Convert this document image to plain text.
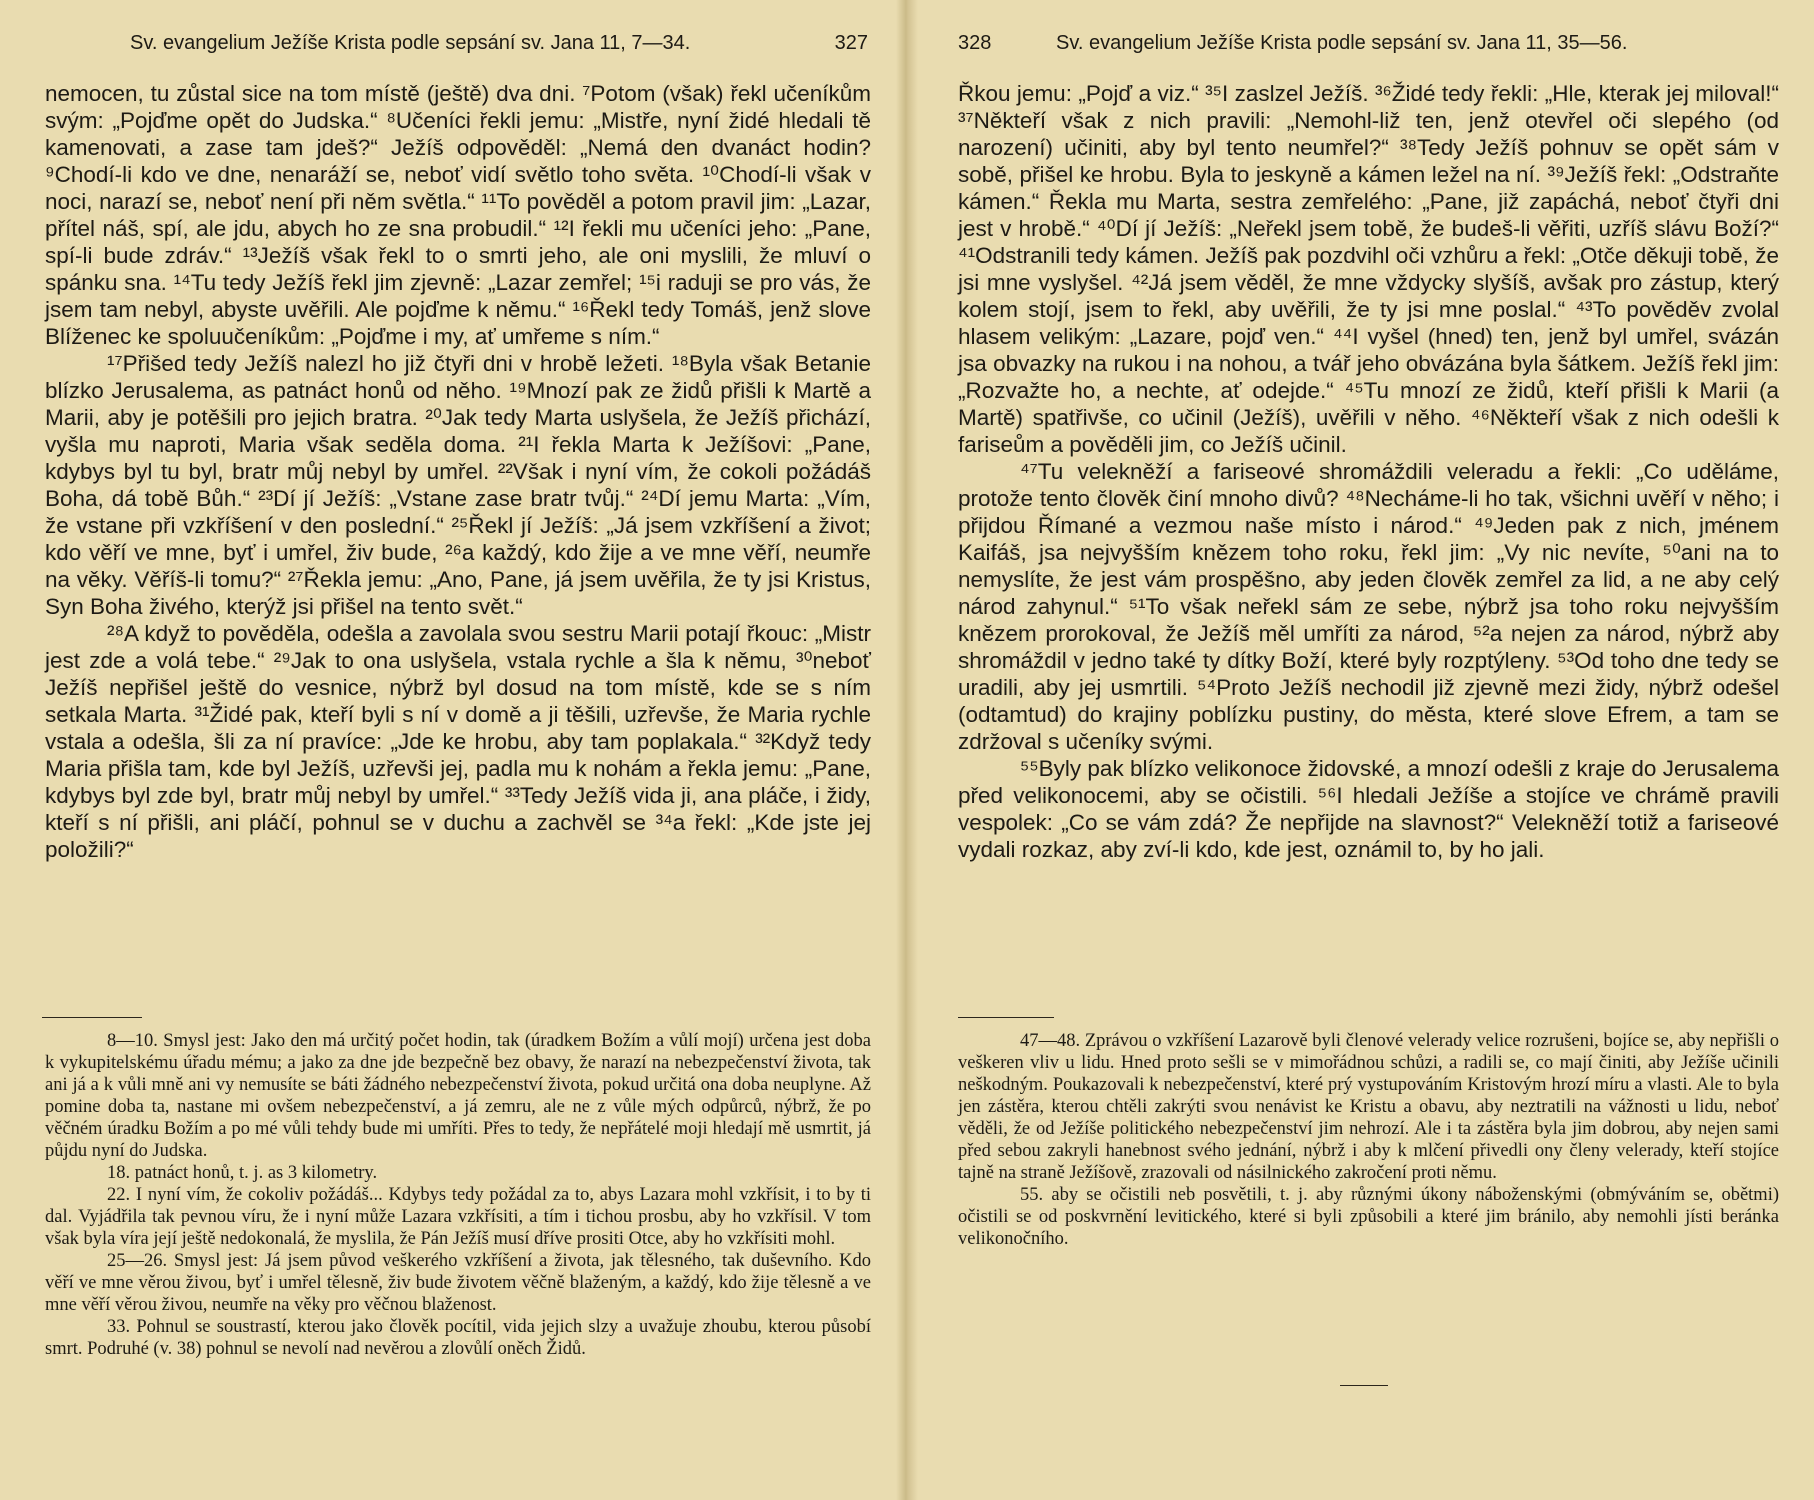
Sv. evangelium Ježíše Krista podle sepsání sv. Jana 11, 7—34.	327

nemocen, tu zůstal sice na tom místě (ještě) dva dni. ⁷Potom (však) řekl učeníkům svým: „Pojďme opět do Judska.“ ⁸Učeníci řekli jemu: „Mistře, nyní židé hledali tě kamenovati, a zase tam jdeš?“ Ježíš odpověděl: „Nemá den dvanáct hodin? ⁹Chodí-li kdo ve dne, nenaráží se, neboť vidí světlo toho světa. ¹⁰Chodí-li však v noci, narazí se, neboť není při něm světla.“ ¹¹To pověděl a potom pravil jim: „Lazar, přítel náš, spí, ale jdu, abych ho ze sna probudil.“ ¹²I řekli mu učeníci jeho: „Pane, spí-li bude zdráv.“ ¹³Ježíš však řekl to o smrti jeho, ale oni myslili, že mluví o spánku sna. ¹⁴Tu tedy Ježíš řekl jim zjevně: „Lazar zemřel; ¹⁵i raduji se pro vás, že jsem tam nebyl, abyste uvěřili. Ale pojďme k němu.“ ¹⁶Řekl tedy Tomáš, jenž slove Blíženec ke spoluučeníkům: „Pojďme i my, ať umřeme s ním.“

¹⁷Přišed tedy Ježíš nalezl ho již čtyři dni v hrobě ležeti. ¹⁸Byla však Betanie blízko Jerusalema, as patnáct honů od něho. ¹⁹Mnozí pak ze židů přišli k Martě a Marii, aby je potěšili pro jejich bratra. ²⁰Jak tedy Marta uslyšela, že Ježíš přichází, vyšla mu naproti, Maria však seděla doma. ²¹I řekla Marta k Ježíšovi: „Pane, kdybys byl tu byl, bratr můj nebyl by umřel. ²²Však i nyní vím, že cokoli požádáš Boha, dá tobě Bůh.“ ²³Dí jí Ježíš: „Vstane zase bratr tvůj.“ ²⁴Dí jemu Marta: „Vím, že vstane při vzkříšení v den poslední.“ ²⁵Řekl jí Ježíš: „Já jsem vzkříšení a život; kdo věří ve mne, byť i umřel, živ bude, ²⁶a každý, kdo žije a ve mne věří, neumře na věky. Věříš-li tomu?“ ²⁷Řekla jemu: „Ano, Pane, já jsem uvěřila, že ty jsi Kristus, Syn Boha živého, kterýž jsi přišel na tento svět.“

²⁸A když to pověděla, odešla a zavolala svou sestru Marii potají řkouc: „Mistr jest zde a volá tebe.“ ²⁹Jak to ona uslyšela, vstala rychle a šla k němu, ³⁰neboť Ježíš nepřišel ještě do vesnice, nýbrž byl dosud na tom místě, kde se s ním setkala Marta. ³¹Židé pak, kteří byli s ní v domě a ji těšili, uzřevše, že Maria rychle vstala a odešla, šli za ní pravíce: „Jde ke hrobu, aby tam poplakala.“ ³²Když tedy Maria přišla tam, kde byl Ježíš, uzřevši jej, padla mu k nohám a řekla jemu: „Pane, kdybys byl zde byl, bratr můj nebyl by umřel.“ ³³Tedy Ježíš vida ji, ana pláče, i židy, kteří s ní přišli, ani pláčí, pohnul se v duchu a zachvěl se ³⁴a řekl: „Kde jste jej položili?“

8—10. Smysl jest: Jako den má určitý počet hodin, tak (úradkem Božím a vůlí mojí) určena jest doba k vykupitelskému úřadu mému; a jako za dne jde bezpečně bez obavy, že narazí na nebezpečenství života, tak ani já a k vůli mně ani vy nemusíte se báti žádného nebezpečenství života, pokud určitá ona doba neuplyne. Až pomine doba ta, nastane mi ovšem nebezpečenství, a já zemru, ale ne z vůle mých odpůrců, nýbrž, že po věčném úradku Božím a po mé vůli tehdy bude mi umříti. Přes to tedy, že nepřátelé moji hledají mě usmrtit, já půjdu nyní do Judska.

18. patnáct honů, t. j. as 3 kilometry.

22. I nyní vím, že cokoliv požádáš... Kdybys tedy požádal za to, abys Lazara mohl vzkřísit, i to by ti dal. Vyjádřila tak pevnou víru, že i nyní může Lazara vzkřísiti, a tím i tichou prosbu, aby ho vzkřísil. V tom však byla víra její ještě nedokonalá, že myslila, že Pán Ježíš musí dříve prositi Otce, aby ho vzkřísiti mohl.

25—26. Smysl jest: Já jsem původ veškerého vzkříšení a života, jak tělesného, tak duševního. Kdo věří ve mne věrou živou, byť i umřel tělesně, živ bude životem věčně blaženým, a každý, kdo žije tělesně a ve mne věří věrou živou, neumře na věky pro věčnou blaženost.

33. Pohnul se soustrastí, kterou jako člověk pocítil, vida jejich slzy a uvažuje zhoubu, kterou působí smrt. Podruhé (v. 38) pohnul se nevolí nad nevěrou a zlovůlí oněch Židů.

328	Sv. evangelium Ježíše Krista podle sepsání sv. Jana 11, 35—56.

Řkou jemu: „Pojď a viz.“ ³⁵I zaslzel Ježíš. ³⁶Židé tedy řekli: „Hle, kterak jej miloval!“ ³⁷Někteří však z nich pravili: „Nemohl-liž ten, jenž otevřel oči slepého (od narození) učiniti, aby byl tento neumřel?“ ³⁸Tedy Ježíš pohnuv se opět sám v sobě, přišel ke hrobu. Byla to jeskyně a kámen ležel na ní. ³⁹Ježíš řekl: „Odstraňte kámen.“ Řekla mu Marta, sestra zemřelého: „Pane, již zapáchá, neboť čtyři dni jest v hrobě.“ ⁴⁰Dí jí Ježíš: „Neřekl jsem tobě, že budeš-li věřiti, uzříš slávu Boží?“ ⁴¹Odstranili tedy kámen. Ježíš pak pozdvihl oči vzhůru a řekl: „Otče děkuji tobě, že jsi mne vyslyšel. ⁴²Já jsem věděl, že mne vždycky slyšíš, avšak pro zástup, který kolem stojí, jsem to řekl, aby uvěřili, že ty jsi mne poslal.“ ⁴³To pověděv zvolal hlasem velikým: „Lazare, pojď ven.“ ⁴⁴I vyšel (hned) ten, jenž byl umřel, svázán jsa obvazky na rukou i na nohou, a tvář jeho obvázána byla šátkem. Ježíš řekl jim: „Rozvažte ho, a nechte, ať odejde.“ ⁴⁵Tu mnozí ze židů, kteří přišli k Marii (a Martě) spatřivše, co učinil (Ježíš), uvěřili v něho. ⁴⁶Někteří však z nich odešli k fariseům a pověděli jim, co Ježíš učinil.

⁴⁷Tu velekněží a fariseové shromáždili veleradu a řekli: „Co uděláme, protože tento člověk činí mnoho divů? ⁴⁸Necháme-li ho tak, všichni uvěří v něho; i přijdou Římané a vezmou naše místo i národ.“ ⁴⁹Jeden pak z nich, jménem Kaifáš, jsa nejvyšším knězem toho roku, řekl jim: „Vy nic nevíte, ⁵⁰ani na to nemyslíte, že jest vám prospěšno, aby jeden člověk zemřel za lid, a ne aby celý národ zahynul.“ ⁵¹To však neřekl sám ze sebe, nýbrž jsa toho roku nejvyšším knězem prorokoval, že Ježíš měl umříti za národ, ⁵²a nejen za národ, nýbrž aby shromáždil v jedno také ty dítky Boží, které byly rozptýleny. ⁵³Od toho dne tedy se uradili, aby jej usmrtili. ⁵⁴Proto Ježíš nechodil již zjevně mezi židy, nýbrž odešel (odtamtud) do krajiny poblízku pustiny, do města, které slove Efrem, a tam se zdržoval s učeníky svými.

⁵⁵Byly pak blízko velikonoce židovské, a mnozí odešli z kraje do Jerusalema před velikonocemi, aby se očistili. ⁵⁶I hledali Ježíše a stojíce ve chrámě pravili vespolek: „Co se vám zdá? Že nepřijde na slavnost?“ Velekněží totiž a fariseové vydali rozkaz, aby zví-li kdo, kde jest, oznámil to, by ho jali.

47—48. Zprávou o vzkříšení Lazarově byli členové velerady velice rozrušeni, bojíce se, aby nepřišli o veškeren vliv u lidu. Hned proto sešli se v mimořádnou schůzi, a radili se, co mají činiti, aby Ježíše učinili neškodným. Poukazovali k nebezpečenství, které prý vystupováním Kristovým hrozí míru a vlasti. Ale to byla jen zástěra, kterou chtěli zakrýti svou nenávist ke Kristu a obavu, aby neztratili na vážnosti u lidu, neboť věděli, že od Ježíše politického nebezpečenství jim nehrozí. Ale i ta zástěra byla jim dobrou, aby nejen sami před sebou zakryli hanebnost svého jednání, nýbrž i aby k mlčení přivedli ony členy velerady, kteří stojíce tajně na straně Ježíšově, zrazovali od násilnického zakročení proti němu.

55. aby se očistili neb posvětili, t. j. aby různými úkony náboženskými (obmýváním se, obětmi) očistili se od poskvrnění levitického, které si byli způsobili a které jim bránilo, aby nemohli jísti beránka velikonočního.
